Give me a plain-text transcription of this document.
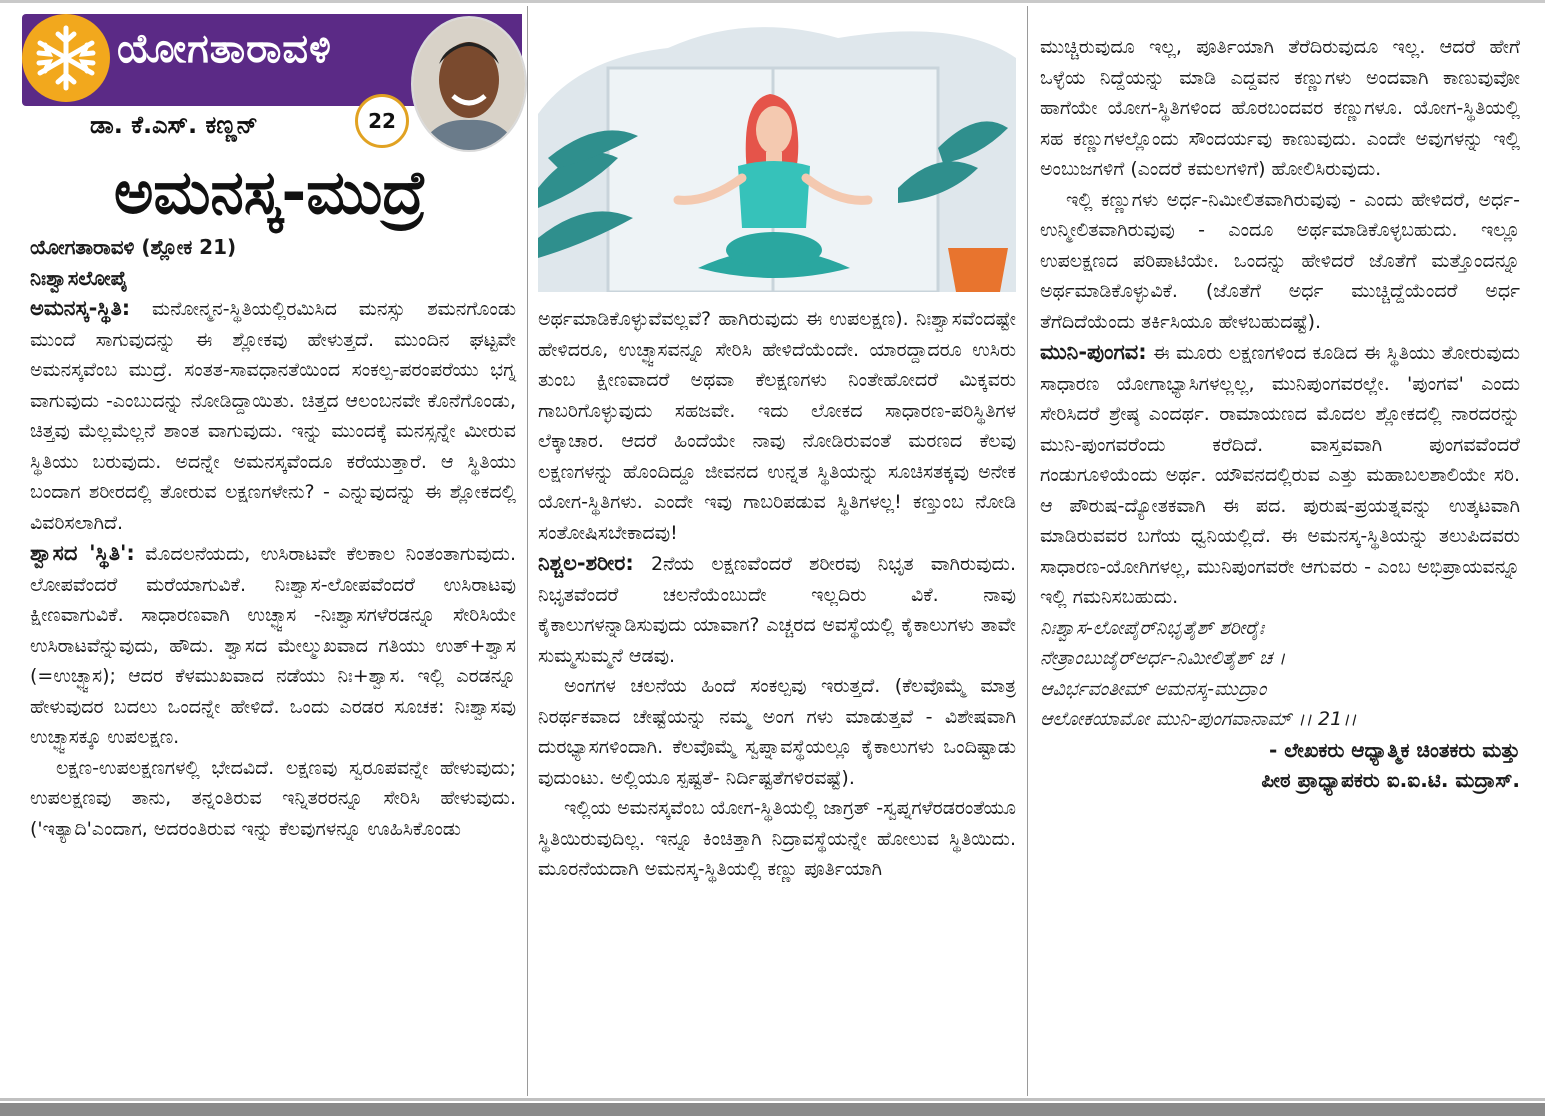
ಯೋಗತಾರಾವಳಿ
ಡಾ. ಕೆ.ಎಸ್. ಕಣ್ಣನ್	22
ಅಮನಸ್ಕ-ಮುದ್ರೆ

ಯೋಗತಾರಾವಳಿ (ಶ್ಲೋಕ 21)

ನಿಃಶ್ವಾಸಲೋಪೈ

ಅಮನಸ್ಕ-ಸ್ಥಿತಿ: ಮನೋನ್ಮನ-ಸ್ಥಿತಿಯಲ್ಲಿರಮಿಸಿದ ಮನಸ್ಸು ಶಮನಗೊಂಡು ಮುಂದೆ ಸಾಗುವುದನ್ನು ಈ ಶ್ಲೋಕವು ಹೇಳುತ್ತದೆ. ಮುಂದಿನ ಘಟ್ಟವೇ ಅಮನಸ್ಕವೆಂಬ ಮುದ್ರೆ. ಸಂತತ-ಸಾವಧಾನತೆಯಿಂದ ಸಂಕಲ್ಪ-ಪರಂಪರೆಯು ಭಗ್ನ ವಾಗುವುದು -ಎಂಬುದನ್ನು ನೋಡಿದ್ದಾಯಿತು. ಚಿತ್ತದ ಆಲಂಬನವೇ ಕೊನೆಗೊಂಡು, ಚಿತ್ತವು ಮೆಲ್ಲಮೆಲ್ಲನೆ ಶಾಂತ ವಾಗುವುದು. ಇನ್ನು ಮುಂದಕ್ಕೆ ಮನಸ್ಸನ್ನೇ ಮೀರುವ ಸ್ಥಿತಿಯು ಬರುವುದು. ಅದನ್ನೇ ಅಮನಸ್ಕವೆಂದೂ ಕರೆಯುತ್ತಾರೆ. ಆ ಸ್ಥಿತಿಯು ಬಂದಾಗ ಶರೀರದಲ್ಲಿ ತೋರುವ ಲಕ್ಷಣಗಳೇನು? - ಎನ್ನುವುದನ್ನು ಈ ಶ್ಲೋಕದಲ್ಲಿ ವಿವರಿಸಲಾಗಿದೆ.

ಶ್ವಾಸದ 'ಸ್ಥಿತಿ': ಮೊದಲನೆಯದು, ಉಸಿರಾಟವೇ ಕೆಲಕಾಲ ನಿಂತಂತಾಗುವುದು. ಲೋಪವೆಂದರೆ ಮರೆಯಾಗುವಿಕೆ. ನಿಃಶ್ವಾಸ-ಲೋಪವೆಂದರೆ ಉಸಿರಾಟವು ಕ್ಷೀಣವಾಗುವಿಕೆ. ಸಾಧಾರಣವಾಗಿ ಉಚ್ಛ್ವಾಸ -ನಿಃಶ್ವಾಸಗಳೆರಡನ್ನೂ ಸೇರಿಸಿಯೇ ಉಸಿರಾಟವೆನ್ನುವುದು, ಹೌದು. ಶ್ವಾಸದ ಮೇಲ್ಮುಖವಾದ ಗತಿಯು ಉತ್+ಶ್ವಾಸ (=ಉಚ್ಛ್ವಾಸ); ಆದರ ಕೆಳಮುಖವಾದ ನಡೆಯು ನಿಃ+ಶ್ವಾಸ. ಇಲ್ಲಿ ಎರಡನ್ನೂ ಹೇಳುವುದರ ಬದಲು ಒಂದನ್ನೇ ಹೇಳಿದೆ. ಒಂದು ಎರಡರ ಸೂಚಕ: ನಿಃಶ್ವಾಸವು ಉಚ್ಛ್ವಾಸಕ್ಕೂ ಉಪಲಕ್ಷಣ.

ಲಕ್ಷಣ-ಉಪಲಕ್ಷಣಗಳಲ್ಲಿ ಭೇದವಿದೆ. ಲಕ್ಷಣವು ಸ್ವರೂಪವನ್ನೇ ಹೇಳುವುದು; ಉಪಲಕ್ಷಣವು ತಾನು, ತನ್ನಂತಿರುವ ಇನ್ನಿತರರನ್ನೂ ಸೇರಿಸಿ ಹೇಳುವುದು. ('ಇತ್ಯಾದಿ'ಎಂದಾಗ, ಅದರಂತಿರುವ ಇನ್ನು ಕೆಲವುಗಳನ್ನೂ ಊಹಿಸಿಕೊಂಡು

ಅರ್ಥಮಾಡಿಕೊಳ್ಳುವೆವಲ್ಲವೆ? ಹಾಗಿರುವುದು ಈ ಉಪಲಕ್ಷಣ). ನಿಃಶ್ವಾಸವೆಂದಷ್ಟೇ ಹೇಳಿದರೂ, ಉಚ್ಛ್ವಾಸವನ್ನೂ ಸೇರಿಸಿ ಹೇಳಿದೆಯೆಂದೇ. ಯಾರದ್ದಾದರೂ ಉಸಿರು ತುಂಬ ಕ್ಷೀಣವಾದರೆ ಅಥವಾ ಕೆಲಕ್ಷಣಗಳು ನಿಂತೇಹೋದರೆ ಮಿಕ್ಕವರು ಗಾಬರಿಗೊಳ್ಳುವುದು ಸಹಜವೇ. ಇದು ಲೋಕದ ಸಾಧಾರಣ-ಪರಿಸ್ಥಿತಿಗಳ ಲೆಕ್ಕಾಚಾರ. ಆದರೆ ಹಿಂದೆಯೇ ನಾವು ನೋಡಿರುವಂತೆ ಮರಣದ ಕೆಲವು ಲಕ್ಷಣಗಳನ್ನು ಹೊಂದಿದ್ದೂ ಜೀವನದ ಉನ್ನತ ಸ್ಥಿತಿಯನ್ನು ಸೂಚಿಸತಕ್ಕವು ಅನೇಕ ಯೋಗ-ಸ್ಥಿತಿಗಳು. ಎಂದೇ ಇವು ಗಾಬರಿಪಡುವ ಸ್ಥಿತಿಗಳಲ್ಲ! ಕಣ್ತುಂಬ ನೋಡಿ ಸಂತೋಷಿಸಬೇಕಾದವು!

ನಿಶ್ಚಲ-ಶರೀರ: 2ನೆಯ ಲಕ್ಷಣವೆಂದರೆ ಶರೀರವು ನಿಭೃತ ವಾಗಿರುವುದು. ನಿಭೃತವೆಂದರೆ ಚಲನೆಯೆಂಬುದೇ ಇಲ್ಲದಿರು ವಿಕೆ. ನಾವು ಕೈಕಾಲುಗಳನ್ನಾಡಿಸುವುದು ಯಾವಾಗ? ಎಚ್ಚರದ ಅವಸ್ಥೆಯಲ್ಲಿ ಕೈಕಾಲುಗಳು ತಾವೇ ಸುಮ್ಮಸುಮ್ಮನೆ ಆಡವು.

ಅಂಗಗಳ ಚಲನೆಯ ಹಿಂದೆ ಸಂಕಲ್ಪವು ಇರುತ್ತದೆ. (ಕೆಲವೊಮ್ಮೆ ಮಾತ್ರ ನಿರರ್ಥಕವಾದ ಚೇಷ್ಟೆಯನ್ನು ನಮ್ಮ ಅಂಗ ಗಳು ಮಾಡುತ್ತವೆ - ವಿಶೇಷವಾಗಿ ದುರಭ್ಯಾಸಗಳಿಂದಾಗಿ. ಕೆಲವೊಮ್ಮೆ ಸ್ವಪ್ನಾವಸ್ಥೆಯಲ್ಲೂ ಕೈಕಾಲುಗಳು ಒಂದಿಷ್ಟಾಡು ವುದುಂಟು. ಅಲ್ಲಿಯೂ ಸ್ಪಷ್ಟತೆ- ನಿರ್ದಿಷ್ಟತೆಗಳಿರವಷ್ಟೆ).

ಇಲ್ಲಿಯ ಅಮನಸ್ಕವೆಂಬ ಯೋಗ-ಸ್ಥಿತಿಯಲ್ಲಿ ಜಾಗ್ರತ್ -ಸ್ವಪ್ನಗಳೆರಡರಂತೆಯೂ ಸ್ಥಿತಿಯಿರುವುದಿಲ್ಲ. ಇನ್ನೂ ಕಿಂಚಿತ್ತಾಗಿ ನಿದ್ರಾವಸ್ಥೆಯನ್ನೇ ಹೋಲುವ ಸ್ಥಿತಿಯಿದು. ಮೂರನೆಯದಾಗಿ ಅಮನಸ್ಕ-ಸ್ಥಿತಿಯಲ್ಲಿ ಕಣ್ಣು ಪೂರ್ತಿಯಾಗಿ

ಮುಚ್ಚಿರುವುದೂ ಇಲ್ಲ, ಪೂರ್ತಿಯಾಗಿ ತೆರೆದಿರುವುದೂ ಇಲ್ಲ. ಆದರೆ ಹೇಗೆ ಒಳ್ಳೆಯ ನಿದ್ದೆಯನ್ನು ಮಾಡಿ ಎದ್ದವನ ಕಣ್ಣುಗಳು ಅಂದವಾಗಿ ಕಾಣುವುವೋ ಹಾಗೆಯೇ ಯೋಗ-ಸ್ಥಿತಿಗಳಿಂದ ಹೊರಬಂದವರ ಕಣ್ಣುಗಳೂ. ಯೋಗ-ಸ್ಥಿತಿಯಲ್ಲಿ ಸಹ ಕಣ್ಣುಗಳಲ್ಲೊಂದು ಸೌಂದರ್ಯವು ಕಾಣುವುದು. ಎಂದೇ ಅವುಗಳನ್ನು ಇಲ್ಲಿ ಅಂಬುಜಗಳಿಗೆ (ಎಂದರೆ ಕಮಲಗಳಿಗೆ) ಹೋಲಿಸಿರುವುದು.

ಇಲ್ಲಿ ಕಣ್ಣುಗಳು ಅರ್ಧ-ನಿಮೀಲಿತವಾಗಿರುವುವು - ಎಂದು ಹೇಳಿದರೆ, ಅರ್ಧ-ಉನ್ಮೀಲಿತವಾಗಿರುವುವು - ಎಂದೂ ಅರ್ಥಮಾಡಿಕೊಳ್ಳಬಹುದು. ಇಲ್ಲೂ ಉಪಲಕ್ಷಣದ ಪರಿಪಾಟಿಯೇ. ಒಂದನ್ನು ಹೇಳಿದರೆ ಜೊತೆಗೆ ಮತ್ತೊಂದನ್ನೂ ಅರ್ಥಮಾಡಿಕೊಳ್ಳುವಿಕೆ. (ಜೊತೆಗೆ ಅರ್ಧ ಮುಚ್ಚಿದ್ದೆಯೆಂದರೆ ಅರ್ಧ ತೆಗೆದಿದೆಯೆಂದು ತರ್ಕಿಸಿಯೂ ಹೇಳಬಹುದಷ್ಟೆ).

ಮುನಿ-ಪುಂಗವ: ಈ ಮೂರು ಲಕ್ಷಣಗಳಿಂದ ಕೂಡಿದ ಈ ಸ್ಥಿತಿಯು ತೋರುವುದು ಸಾಧಾರಣ ಯೋಗಾಭ್ಯಾಸಿಗಳಲ್ಲಲ್ಲ, ಮುನಿಪುಂಗವರಲ್ಲೇ. 'ಪುಂಗವ' ಎಂದು ಸೇರಿಸಿದರೆ ಶ್ರೇಷ್ಠ ಎಂದರ್ಥ. ರಾಮಾಯಣದ ಮೊದಲ ಶ್ಲೋಕದಲ್ಲಿ ನಾರದರನ್ನು ಮುನಿ-ಪುಂಗವರೆಂದು ಕರೆದಿದೆ. ವಾಸ್ತವವಾಗಿ ಪುಂಗವವೆಂದರೆ ಗಂಡುಗೂಳಿಯೆಂದು ಅರ್ಥ. ಯೌವನದಲ್ಲಿರುವ ಎತ್ತು ಮಹಾಬಲಶಾಲಿಯೇ ಸರಿ. ಆ ಪೌರುಷ-ದ್ಯೋತಕವಾಗಿ ಈ ಪದ. ಪುರುಷ-ಪ್ರಯತ್ನವನ್ನು ಉತ್ಕಟವಾಗಿ ಮಾಡಿರುವವರ ಬಗೆಯ ಧ್ವನಿಯಲ್ಲಿದೆ. ಈ ಅಮನಸ್ಕ-ಸ್ಥಿತಿಯನ್ನು ತಲುಪಿದವರು ಸಾಧಾರಣ-ಯೋಗಿಗಳಲ್ಲ, ಮುನಿಪುಂಗವರೇ ಆಗುವರು - ಎಂಬ ಅಭಿಪ್ರಾಯವನ್ನೂ ಇಲ್ಲಿ ಗಮನಿಸಬಹುದು.

ನಿಃಶ್ವಾಸ-ಲೋಪೈರ್‌ನಿಭೃತೈಶ್ ಶರೀರೈಃ

ನೇತ್ರಾಂಬುಜೈರ್‌ಅರ್ಧ-ನಿಮೀಲಿತೈಶ್ ಚ ।

ಆವಿರ್ಭವಂತೀಮ್ ಅಮನಸ್ಕ-ಮುದ್ರಾಂ

ಆಲೋಕಯಾಮೋ ಮುನಿ-ಪುಂಗವಾನಾಮ್ ।। 21।।

- ಲೇಖಕರು ಆಧ್ಯಾತ್ಮಿಕ ಚಿಂತಕರು ಮತ್ತು

ಪೀಠ ಪ್ರಾಧ್ಯಾಪಕರು ಐ.ಐ.ಟಿ. ಮದ್ರಾಸ್.
